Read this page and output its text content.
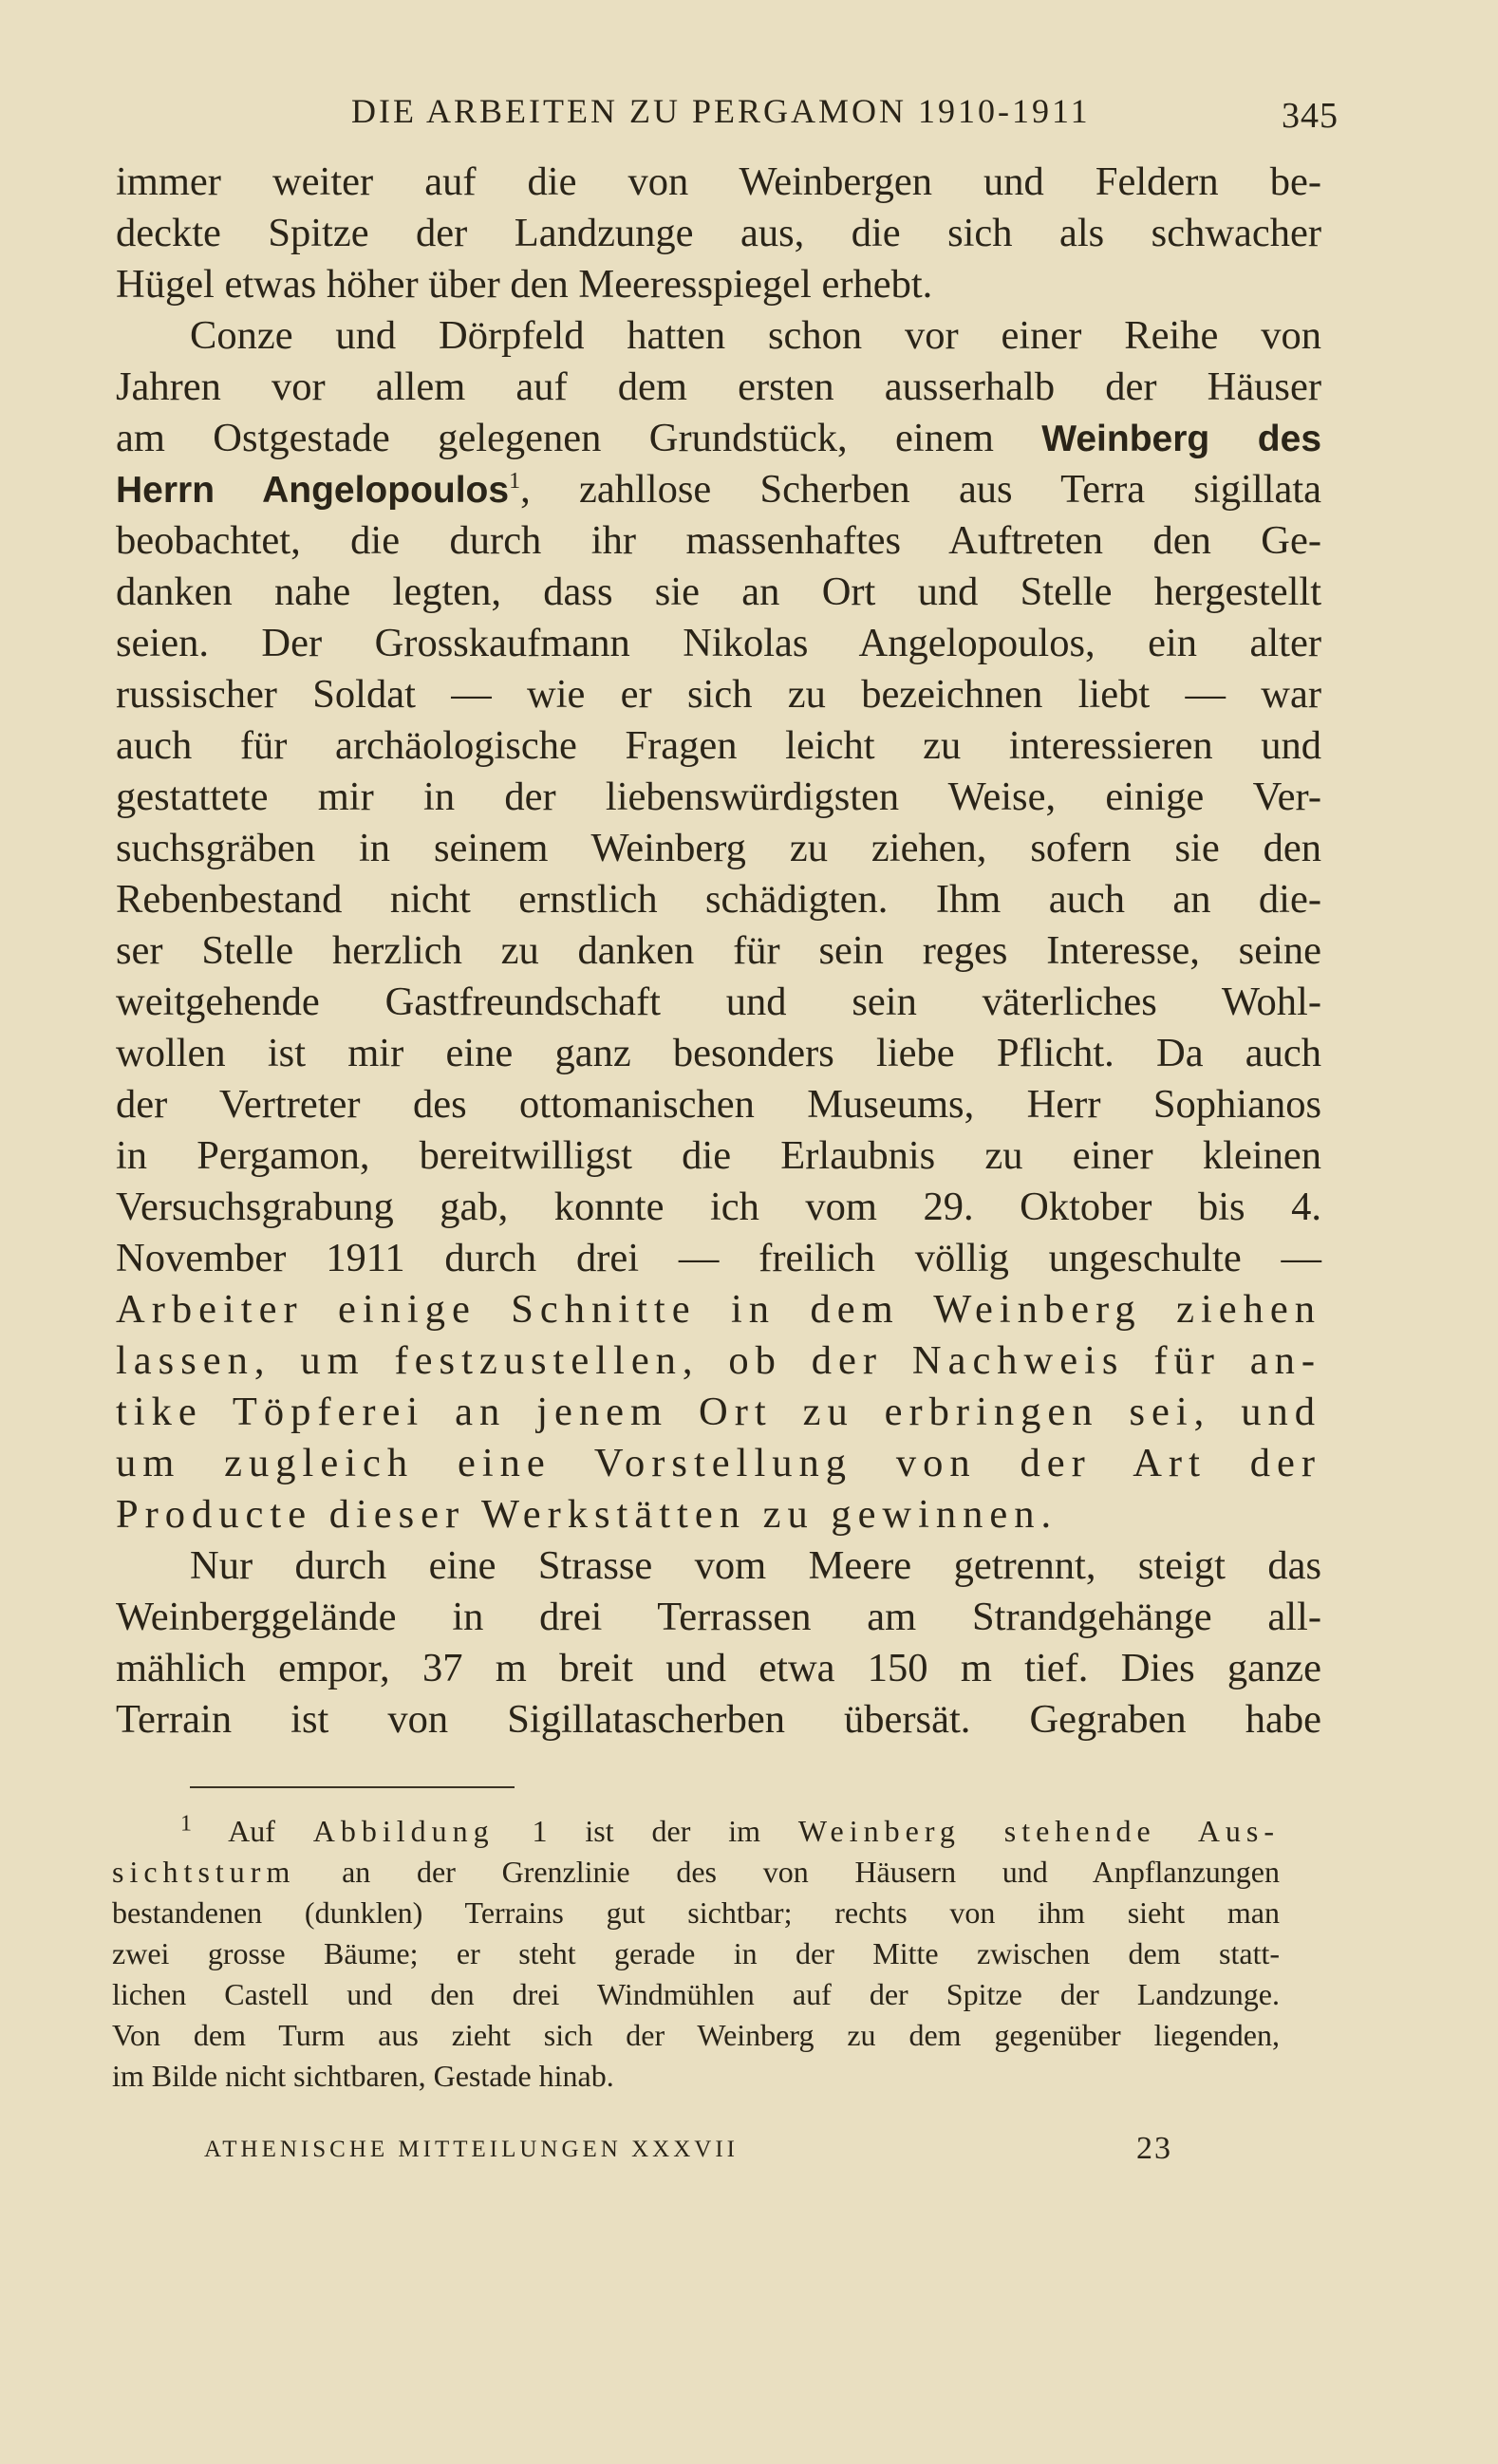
DIE ARBEITEN ZU PERGAMON 1910-1911	345
immer weiter auf die von Weinbergen und Feldern be-
deckte Spitze der Landzunge aus, die sich als schwacher
Hügel etwas höher über den Meeresspiegel erhebt.
Conze und Dörpfeld hatten schon vor einer Reihe von
Jahren vor allem auf dem ersten ausserhalb der Häuser
am Ostgestade gelegenen Grundstück, einem Weinberg des
Herrn Angelopoulos$^1$, zahllose Scherben aus Terra sigillata
beobachtet, die durch ihr massenhaftes Auftreten den Ge-
danken nahe legten, dass sie an Ort und Stelle hergestellt
seien. Der Grosskaufmann Nikolas Angelopoulos, ein alter
russischer Soldat — wie er sich zu bezeichnen liebt — war
auch für archäologische Fragen leicht zu interessieren und
gestattete mir in der liebenswürdigsten Weise, einige Ver-
suchsgräben in seinem Weinberg zu ziehen, sofern sie den
Rebenbestand nicht ernstlich schädigten. Ihm auch an die-
ser Stelle herzlich zu danken für sein reges Interesse, seine
weitgehende Gastfreundschaft und sein väterliches Wohl-
wollen ist mir eine ganz besonders liebe Pflicht. Da auch
der Vertreter des ottomanischen Museums, Herr Sophianos
in Pergamon, bereitwilligst die Erlaubnis zu einer kleinen
Versuchsgrabung gab, konnte ich vom 29. Oktober bis 4.
November 1911 durch drei — freilich völlig ungeschulte —
Arbeiter einige Schnitte in dem Weinberg ziehen
lassen, um festzustellen, ob der Nachweis für an-
tike Töpferei an jenem Ort zu erbringen sei, und
um zugleich eine Vorstellung von der Art der
Producte dieser Werkstätten zu gewinnen.
Nur durch eine Strasse vom Meere getrennt, steigt das
Weinberggelände in drei Terrassen am Strandgehänge all-
mählich empor, 37 m breit und etwa 150 m tief. Dies ganze
Terrain ist von Sigillatascherben übersät. Gegraben habe
$^1$ Auf Abbildung 1 ist der im Weinberg stehende Aus-
sichtsturm an der Grenzlinie des von Häusern und Anpflanzungen
bestandenen (dunklen) Terrains gut sichtbar; rechts von ihm sieht man
zwei grosse Bäume; er steht gerade in der Mitte zwischen dem statt-
lichen Castell und den drei Windmühlen auf der Spitze der Landzunge.
Von dem Turm aus zieht sich der Weinberg zu dem gegenüber liegenden,
im Bilde nicht sichtbaren, Gestade hinab.
ATHENISCHE MITTEILUNGEN XXXVII	23
